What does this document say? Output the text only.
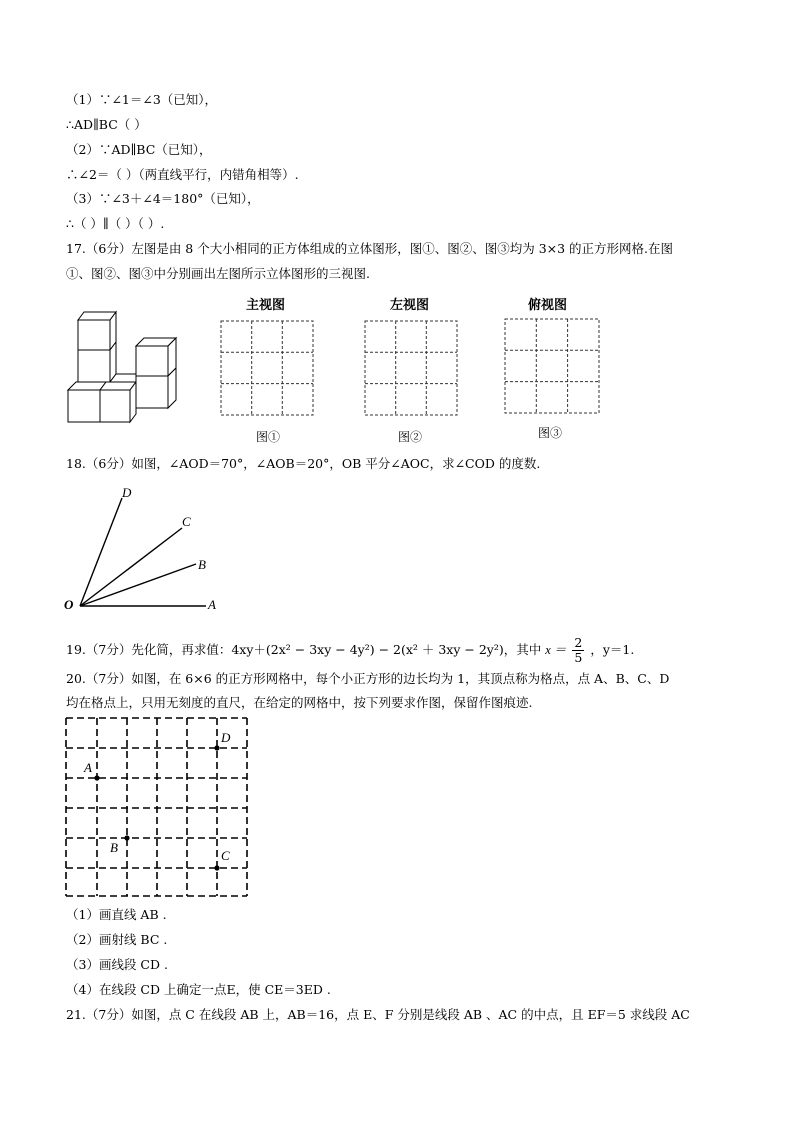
（1）∵∠1＝∠3（已知），
∴AD∥BC（ ）
（2）∵AD∥BC（已知），
∴∠2＝（ ）（两直线平行，内错角相等）.
（3）∵∠3＋∠4＝180°（已知），
∴（ ）∥（ ）（ ）.
17.（6分）左图是由 8 个大小相同的正方体组成的立体图形，图①、图②、图③均为 3×3 的正方形网格.在图
①、图②、图③中分别画出左图所示立体图形的三视图.
主视图	左视图	俯视图
图①	图②	图③
18.（6分）如图，∠AOD＝70°，∠AOB＝20°，OB 平分∠AOC，求∠COD 的度数.
D
C
B
O	A
19.（7分）先化简，再求值：4xy＋(2x² − 3xy − 4y²) − 2(x² ＋ 3xy − 2y²)，其中 $x = \frac{2}{5}$ ，y＝1.
20.（7分）如图，在 6×6 的正方形网格中，每个小正方形的边长均为 1，其顶点称为格点，点 A、B、C、D
均在格点上，只用无刻度的直尺，在给定的网格中，按下列要求作图，保留作图痕迹.
A
B
C
D
（1）画直线 AB .
（2）画射线 BC .
（3）画线段 CD .
（4）在线段 CD 上确定一点E，使 CE＝3ED .
21.（7分）如图，点 C 在线段 AB 上，AB＝16，点 E、F 分别是线段 AB 、AC 的中点，且 EF＝5 求线段 AC
